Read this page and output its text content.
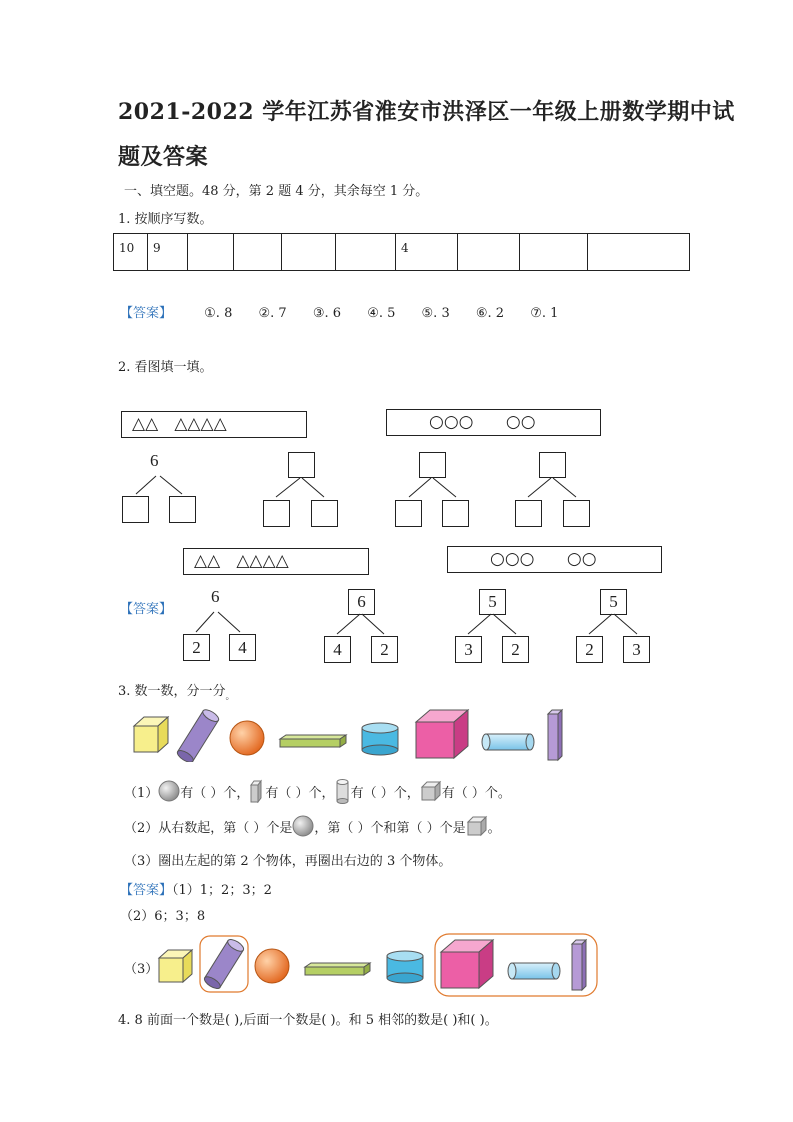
2021-2022 学年江苏省淮安市洪泽区一年级上册数学期中试
题及答案
一、填空题。48 分，第 2 题 4 分，其余每空 1 分。
1. 按顺序写数。
10	9					4			
【答案】 ①. 8 ②. 7 ③. 6 ④. 5 ⑤. 3 ⑥. 2 ⑦. 1
2. 看图填一填。
△△   △△△△	○○○      ○○
6
△△   △△△△	○○○      ○○
【答案】
6
2	4
6
4	2
5
3	2
5
2	3
3. 数一数，分一分$_。$
（1） 有（ ）个， 有（ ）个， 有（ ）个， 有（ ）个。
（2）从右数起，第（ ）个是 ，第（ ）个和第（ ）个是 。
（3）圈出左起的第 2 个物体，再圈出右边的 3 个物体。
【答案】（1）1；2；3；2
（2）6；3；8
（3）
4. 8 前面一个数是( ),后面一个数是( )。和 5 相邻的数是( )和( )。
